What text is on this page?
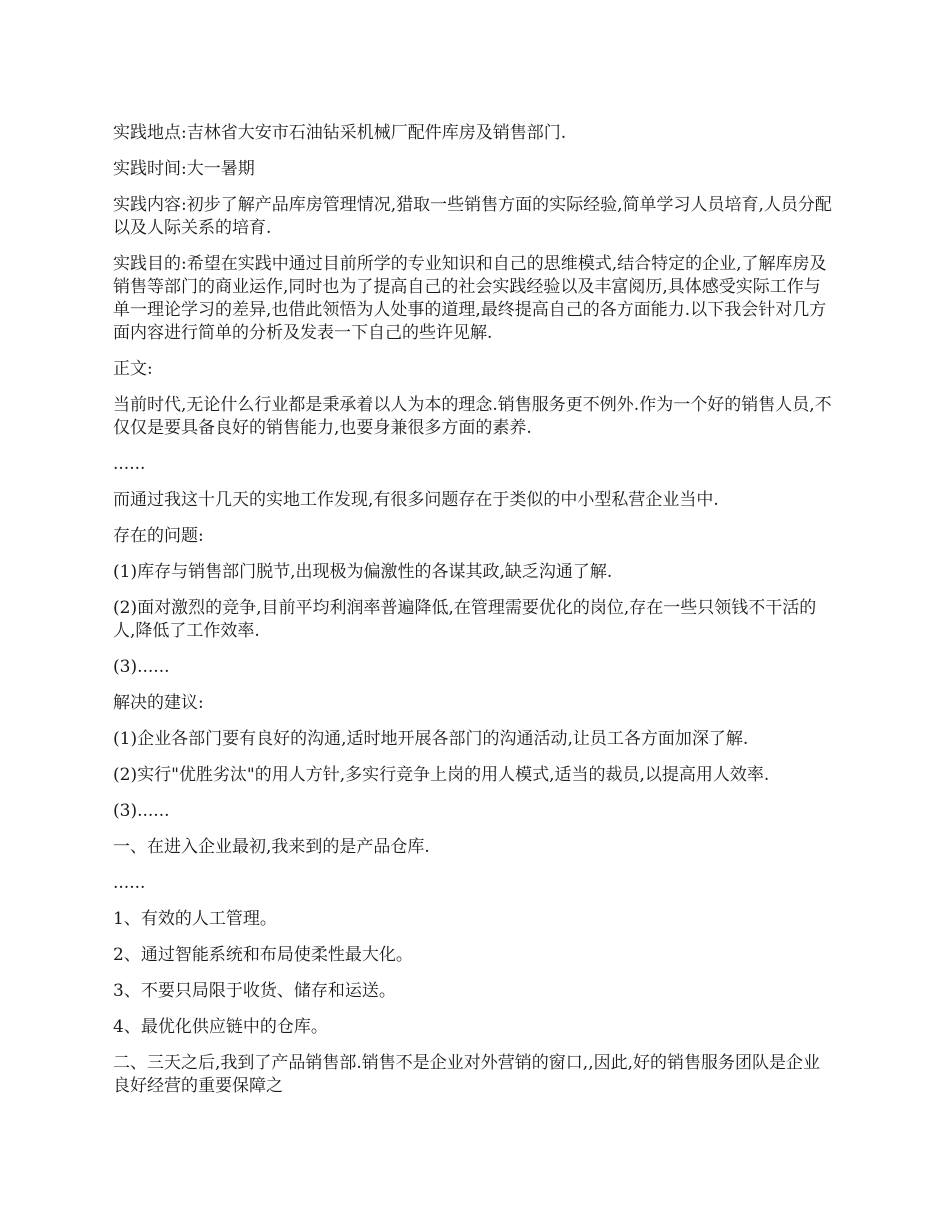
实践地点:吉林省大安市石油钻采机械厂配件库房及销售部门.

实践时间:大一暑期

实践内容:初步了解产品库房管理情况,猎取一些销售方面的实际经验,简单学习人员培育,人员分配以及人际关系的培育.

实践目的:希望在实践中通过目前所学的专业知识和自己的思维模式,结合特定的企业,了解库房及销售等部门的商业运作,同时也为了提高自己的社会实践经验以及丰富阅历,具体感受实际工作与单一理论学习的差异,也借此领悟为人处事的道理,最终提高自己的各方面能力.以下我会针对几方面内容进行简单的分析及发表一下自己的些许见解.

正文:

当前时代,无论什么行业都是秉承着以人为本的理念.销售服务更不例外.作为一个好的销售人员,不仅仅是要具备良好的销售能力,也要身兼很多方面的素养.

......

而通过我这十几天的实地工作发现,有很多问题存在于类似的中小型私营企业当中.

存在的问题:

(1)库存与销售部门脱节,出现极为偏激性的各谋其政,缺乏沟通了解.

(2)面对激烈的竞争,目前平均利润率普遍降低,在管理需要优化的岗位,存在一些只领钱不干活的人,降低了工作效率.

(3)......

解决的建议:

(1)企业各部门要有良好的沟通,适时地开展各部门的沟通活动,让员工各方面加深了解.

(2)实行"优胜劣汰"的用人方针,多实行竞争上岗的用人模式,适当的裁员,以提高用人效率.

(3)......

一、在进入企业最初,我来到的是产品仓库.

......

1、有效的人工管理。

2、通过智能系统和布局使柔性最大化。

3、不要只局限于收货、储存和运送。

4、最优化供应链中的仓库。

二、三天之后,我到了产品销售部.销售不是企业对外营销的窗口,,因此,好的销售服务团队是企业良好经营的重要保障之
